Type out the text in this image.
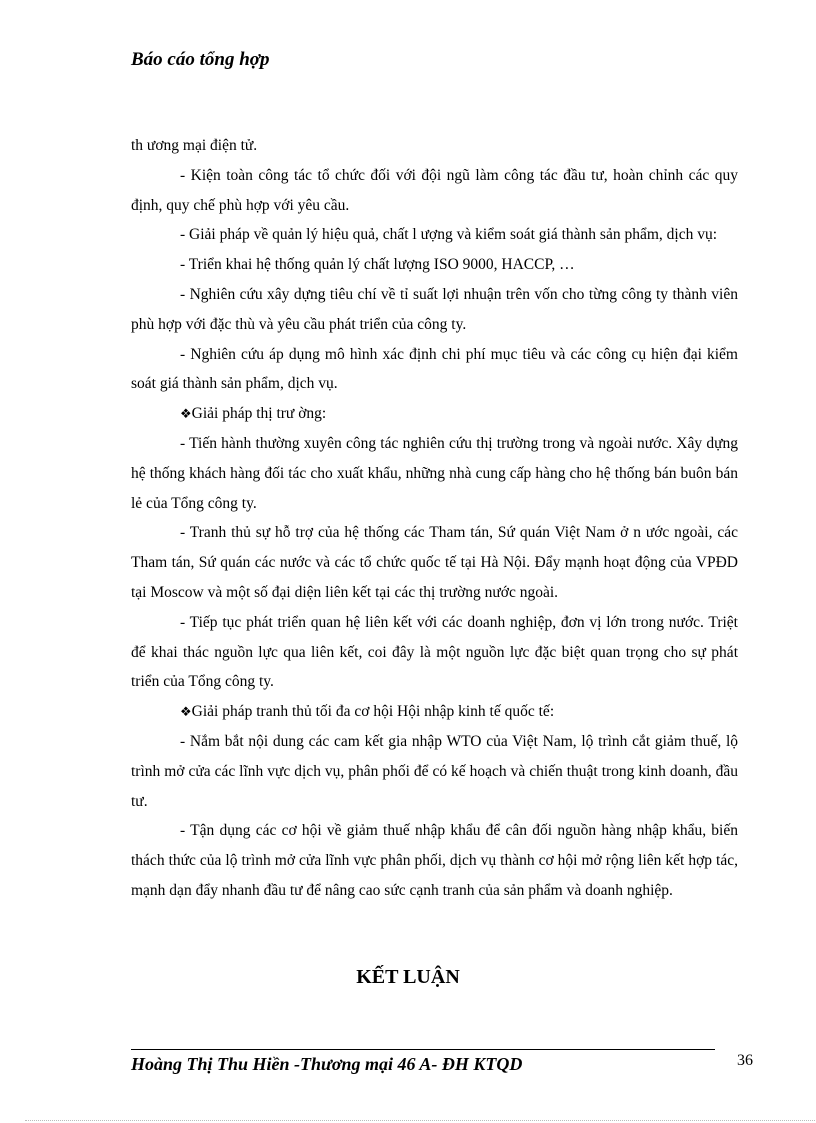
Báo cáo tổng hợp

th ương mại điện tử.

- Kiện toàn công tác tổ chức đối với đội ngũ làm công tác đầu tư, hoàn chỉnh các quy định, quy chế phù hợp với yêu cầu.

- Giải pháp về quản lý hiệu quả, chất l ượng và kiểm soát giá thành sản phẩm, dịch vụ:

- Triển khai hệ thống quản lý chất lượng ISO 9000, HACCP, …

- Nghiên cứu xây dựng tiêu chí về tỉ suất lợi nhuận trên vốn cho từng công ty thành viên phù hợp với đặc thù và yêu cầu phát triển của công ty.

- Nghiên cứu áp dụng mô hình xác định chi phí mục tiêu và các công cụ hiện đại kiểm soát giá thành sản phẩm, dịch vụ.

❖Giải pháp thị trư ờng:

- Tiến hành thường xuyên công tác nghiên cứu thị trường trong và ngoài nước. Xây dựng hệ thống khách hàng đối tác cho xuất khẩu, những nhà cung cấp hàng cho hệ thống bán buôn bán lẻ của Tổng công ty.

- Tranh thủ sự hỗ trợ của hệ thống các Tham tán, Sứ quán Việt Nam ở n ước ngoài, các Tham tán, Sứ quán các nước và các tổ chức quốc tế tại Hà Nội. Đẩy mạnh hoạt động của VPĐD tại Moscow và một số đại diện liên kết tại các thị trường nước ngoài.

- Tiếp tục phát triển quan hệ liên kết với các doanh nghiệp, đơn vị lớn trong nước. Triệt để khai thác nguồn lực qua liên kết, coi đây là một nguồn lực đặc biệt quan trọng cho sự phát triển của Tổng công ty.

❖Giải pháp tranh thủ tối đa cơ hội Hội nhập kinh tế quốc tế:

- Nắm bắt nội dung các cam kết gia nhập WTO của Việt Nam, lộ trình cắt giảm thuế, lộ trình mở cửa các lĩnh vực dịch vụ, phân phối để có kế hoạch và chiến thuật trong kinh doanh, đầu tư.

- Tận dụng các cơ hội về giảm thuế nhập khẩu để cân đối nguồn hàng nhập khẩu, biến thách thức của lộ trình mở cửa lĩnh vực phân phối, dịch vụ thành cơ hội mở rộng liên kết hợp tác, mạnh dạn đẩy nhanh đầu tư để nâng cao sức cạnh tranh của sản phẩm và doanh nghiệp.

KẾT LUẬN
Hoàng Thị Thu Hiền -Thương mại 46 A- ĐH KTQD	36
